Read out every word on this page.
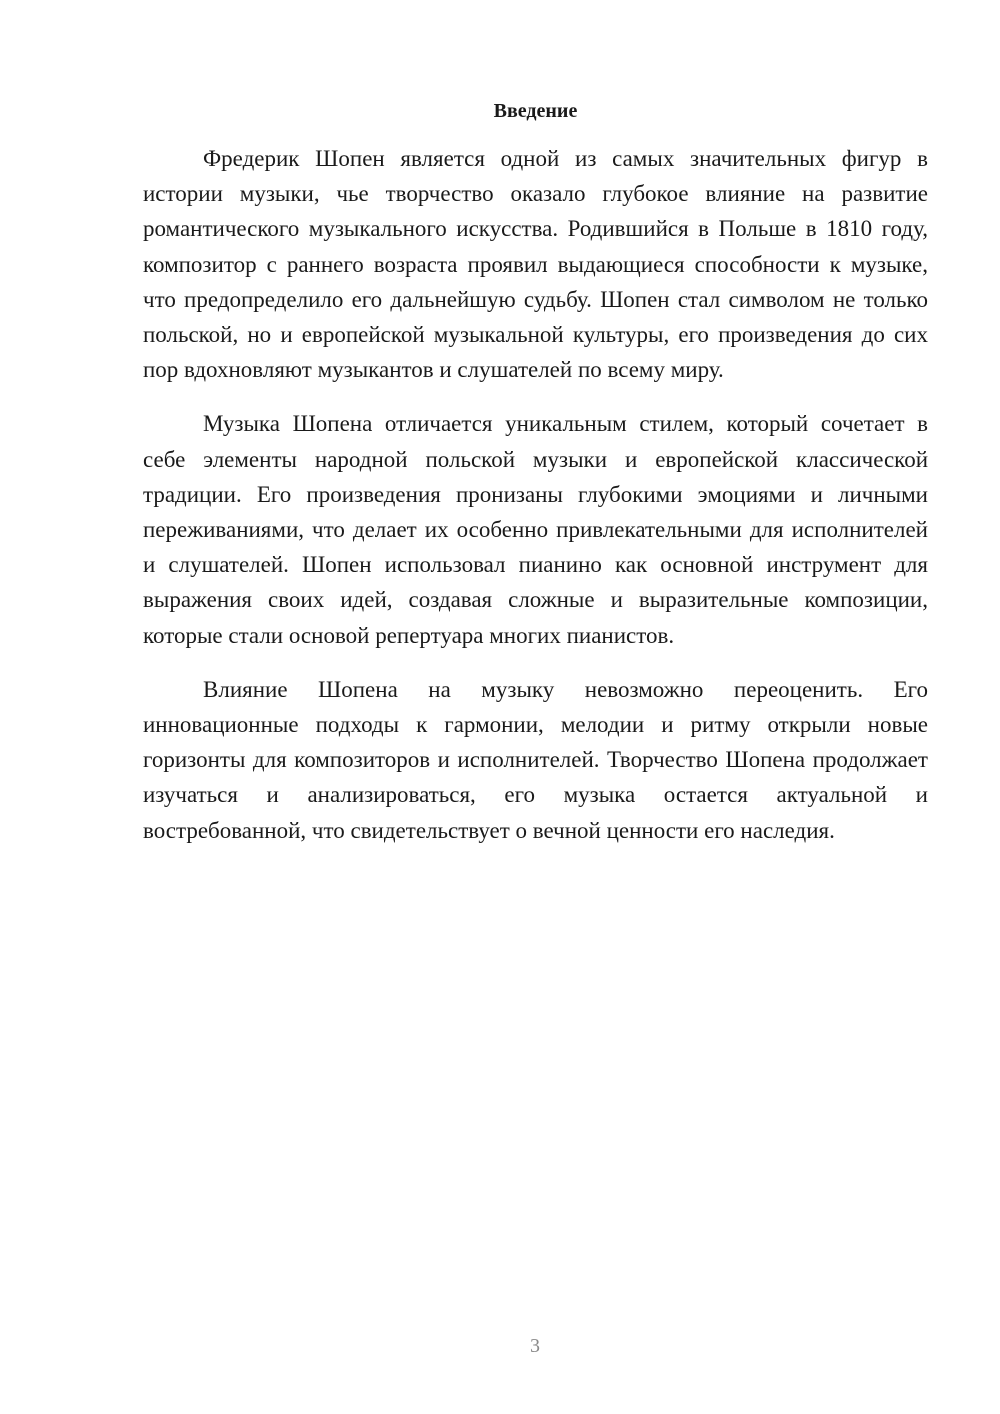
Введение

Фредерик Шопен является одной из самых значительных фигур в истории музыки, чье творчество оказало глубокое влияние на развитие романтического музыкального искусства. Родившийся в Польше в 1810 году, композитор с раннего возраста проявил выдающиеся способности к музыке, что предопределило его дальнейшую судьбу. Шопен стал символом не только польской, но и европейской музыкальной культуры, его произведения до сих пор вдохновляют музыкантов и слушателей по всему миру.

Музыка Шопена отличается уникальным стилем, который сочетает в себе элементы народной польской музыки и европейской классической традиции. Его произведения пронизаны глубокими эмоциями и личными переживаниями, что делает их особенно привлекательными для исполнителей и слушателей. Шопен использовал пианино как основной инструмент для выражения своих идей, создавая сложные и выразительные композиции, которые стали основой репертуара многих пианистов.

Влияние Шопена на музыку невозможно переоценить. Его инновационные подходы к гармонии, мелодии и ритму открыли новые горизонты для композиторов и исполнителей. Творчество Шопена продолжает изучаться и анализироваться, его музыка остается актуальной и востребованной, что свидетельствует о вечной ценности его наследия.

3
